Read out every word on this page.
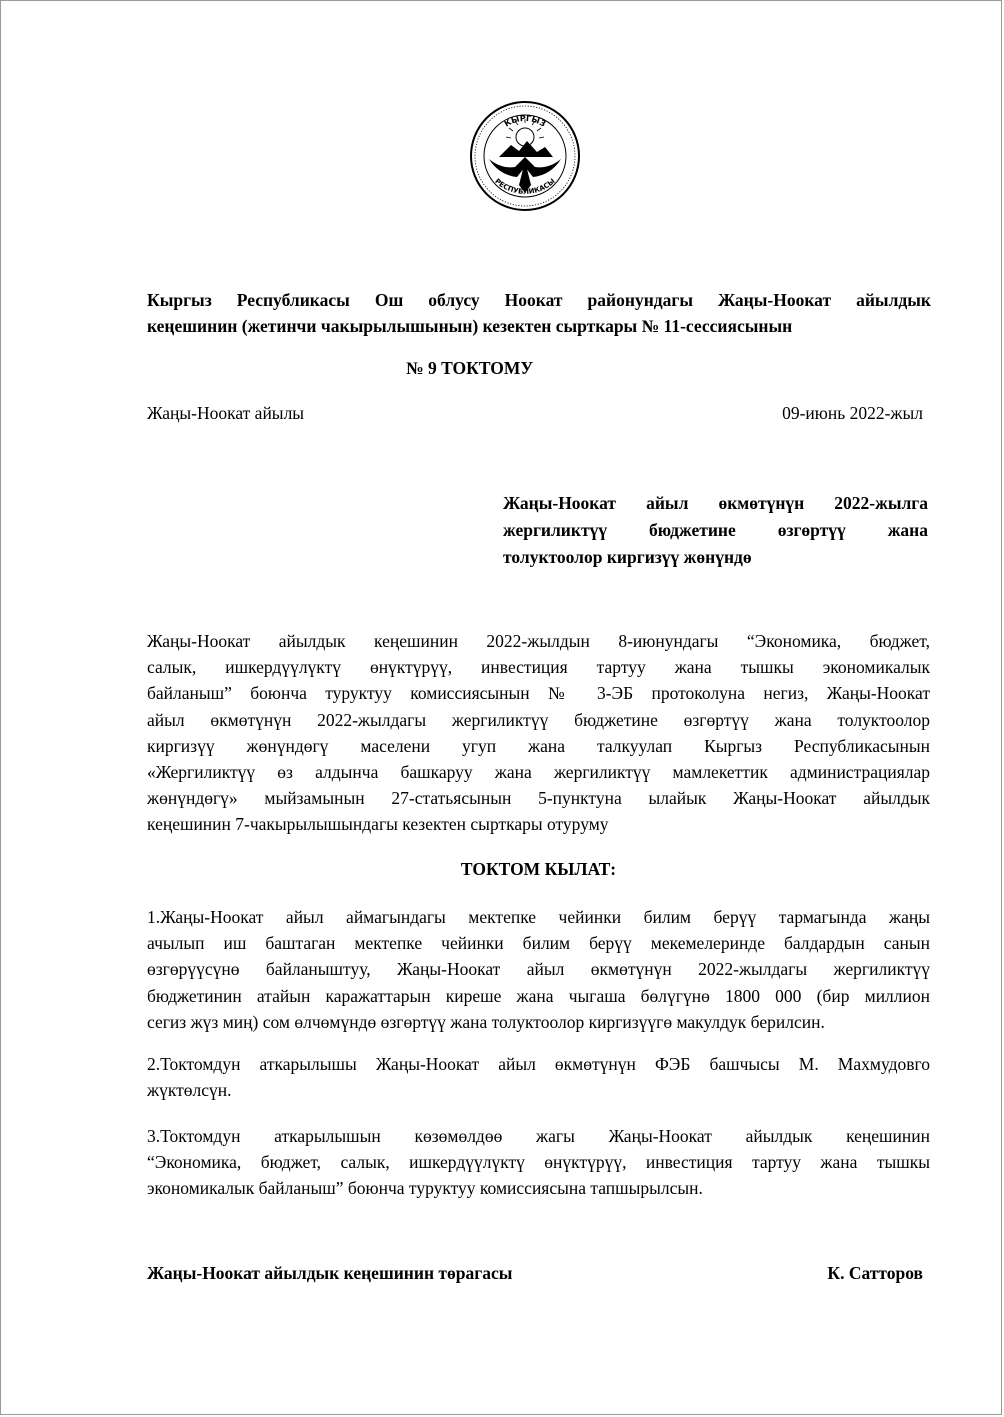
КЫРГЫЗ
РЕСПУБЛИКАСЫ
Кыргыз Республикасы Ош облусу Ноокат районундагы Жаңы-Ноокат айылдык
кеңешинин (жетинчи чакырылышынын) кезектен сырткары № 11-сессиясынын
№ 9 ТОКТОМУ
Жаңы-Ноокат айылы	09-июнь 2022-жыл
Жаңы-Ноокат айыл өкмөтүнүн 2022-жылга
жергиликтүү бюджетине өзгөртүү жана
толуктоолор киргизүү жөнүндө
Жаңы-Ноокат айылдык кеңешинин 2022-жылдын 8-июнундагы “Экономика, бюджет,
салык, ишкердүүлүктү өнүктүрүү, инвестиция тартуу жана тышкы экономикалык
байланыш” боюнча туруктуу комиссиясынын № 3-ЭБ протоколуна негиз, Жаңы-Ноокат
айыл өкмөтүнүн 2022-жылдагы жергиликтүү бюджетине өзгөртүү жана толуктоолор
киргизүү жөнүндөгү маселени угуп жана талкуулап Кыргыз Республикасынын
«Жергиликтүү өз алдынча башкаруу жана жергиликтүү мамлекеттик администрациялар
жөнүндөгү» мыйзамынын 27-статьясынын 5-пунктуна ылайык Жаңы-Ноокат айылдык
кеңешинин 7-чакырылышындагы кезектен сырткары отуруму
ТОКТОМ КЫЛАТ:
1.Жаңы-Ноокат айыл аймагындагы мектепке чейинки билим берүү тармагында жаңы
ачылып иш баштаган мектепке чейинки билим берүү мекемелеринде балдардын санын
өзгөрүүсүнө байланыштуу, Жаңы-Ноокат айыл өкмөтүнүн 2022-жылдагы жергиликтүү
бюджетинин атайын каражаттарын киреше жана чыгаша бөлүгүнө 1800 000 (бир миллион
сегиз жүз миң) сом өлчөмүндө өзгөртүү жана толуктоолор киргизүүгө макулдук берилсин.
2.Токтомдун аткарылышы Жаңы-Ноокат айыл өкмөтүнүн ФЭБ башчысы М. Махмудовго
жүктөлсүн.
3.Токтомдун аткарылышын көзөмөлдөө жагы Жаңы-Ноокат айылдык кеңешинин
“Экономика, бюджет, салык, ишкердүүлүктү өнүктүрүү, инвестиция тартуу жана тышкы
экономикалык байланыш” боюнча туруктуу комиссиясына тапшырылсын.
Жаңы-Ноокат айылдык кеңешинин төрагасы	К. Сатторов
